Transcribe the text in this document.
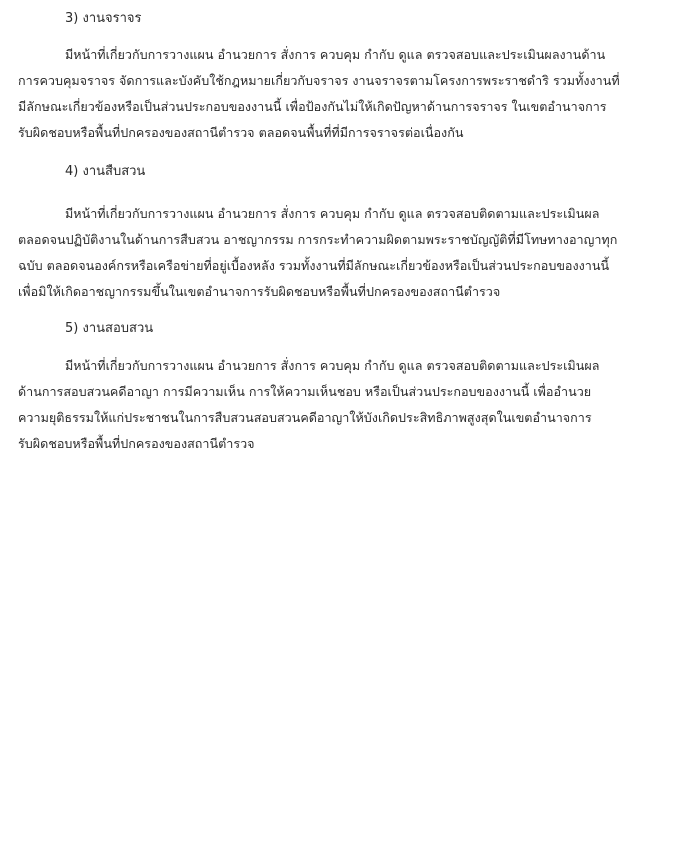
3) งานจราจร
มีหน้าที่เกี่ยวกับการวางแผน อำนวยการ สั่งการ ควบคุม กำกับ ดูแล ตรวจสอบและประเมินผลงานด้าน
การควบคุมจราจร จัดการและบังคับใช้กฎหมายเกี่ยวกับจราจร งานจราจรตามโครงการพระราชดำริ รวมทั้งงานที่
มีลักษณะเกี่ยวข้องหรือเป็นส่วนประกอบของงานนี้ เพื่อป้องกันไม่ให้เกิดปัญหาด้านการจราจร ในเขตอำนาจการ
รับผิดชอบหรือพื้นที่ปกครองของสถานีตำรวจ ตลอดจนพื้นที่ที่มีการจราจรต่อเนื่องกัน
4) งานสืบสวน
มีหน้าที่เกี่ยวกับการวางแผน อำนวยการ สั่งการ ควบคุม กำกับ ดูแล ตรวจสอบติดตามและประเมินผล
ตลอดจนปฏิบัติงานในด้านการสืบสวน อาชญากรรม การกระทำความผิดตามพระราชบัญญัติที่มีโทษทางอาญาทุก
ฉบับ ตลอดจนองค์กรหรือเครือข่ายที่อยู่เบื้องหลัง รวมทั้งงานที่มีลักษณะเกี่ยวข้องหรือเป็นส่วนประกอบของงานนี้
เพื่อมิให้เกิดอาชญากรรมขึ้นในเขตอำนาจการรับผิดชอบหรือพื้นที่ปกครองของสถานีตำรวจ
5) งานสอบสวน
มีหน้าที่เกี่ยวกับการวางแผน อำนวยการ สั่งการ ควบคุม กำกับ ดูแล ตรวจสอบติดตามและประเมินผล
ด้านการสอบสวนคดีอาญา การมีความเห็น การให้ความเห็นชอบ หรือเป็นส่วนประกอบของงานนี้ เพื่ออำนวย
ความยุติธรรมให้แก่ประชาชนในการสืบสวนสอบสวนคดีอาญาให้บังเกิดประสิทธิภาพสูงสุดในเขตอำนาจการ
รับผิดชอบหรือพื้นที่ปกครองของสถานีตำรวจ
